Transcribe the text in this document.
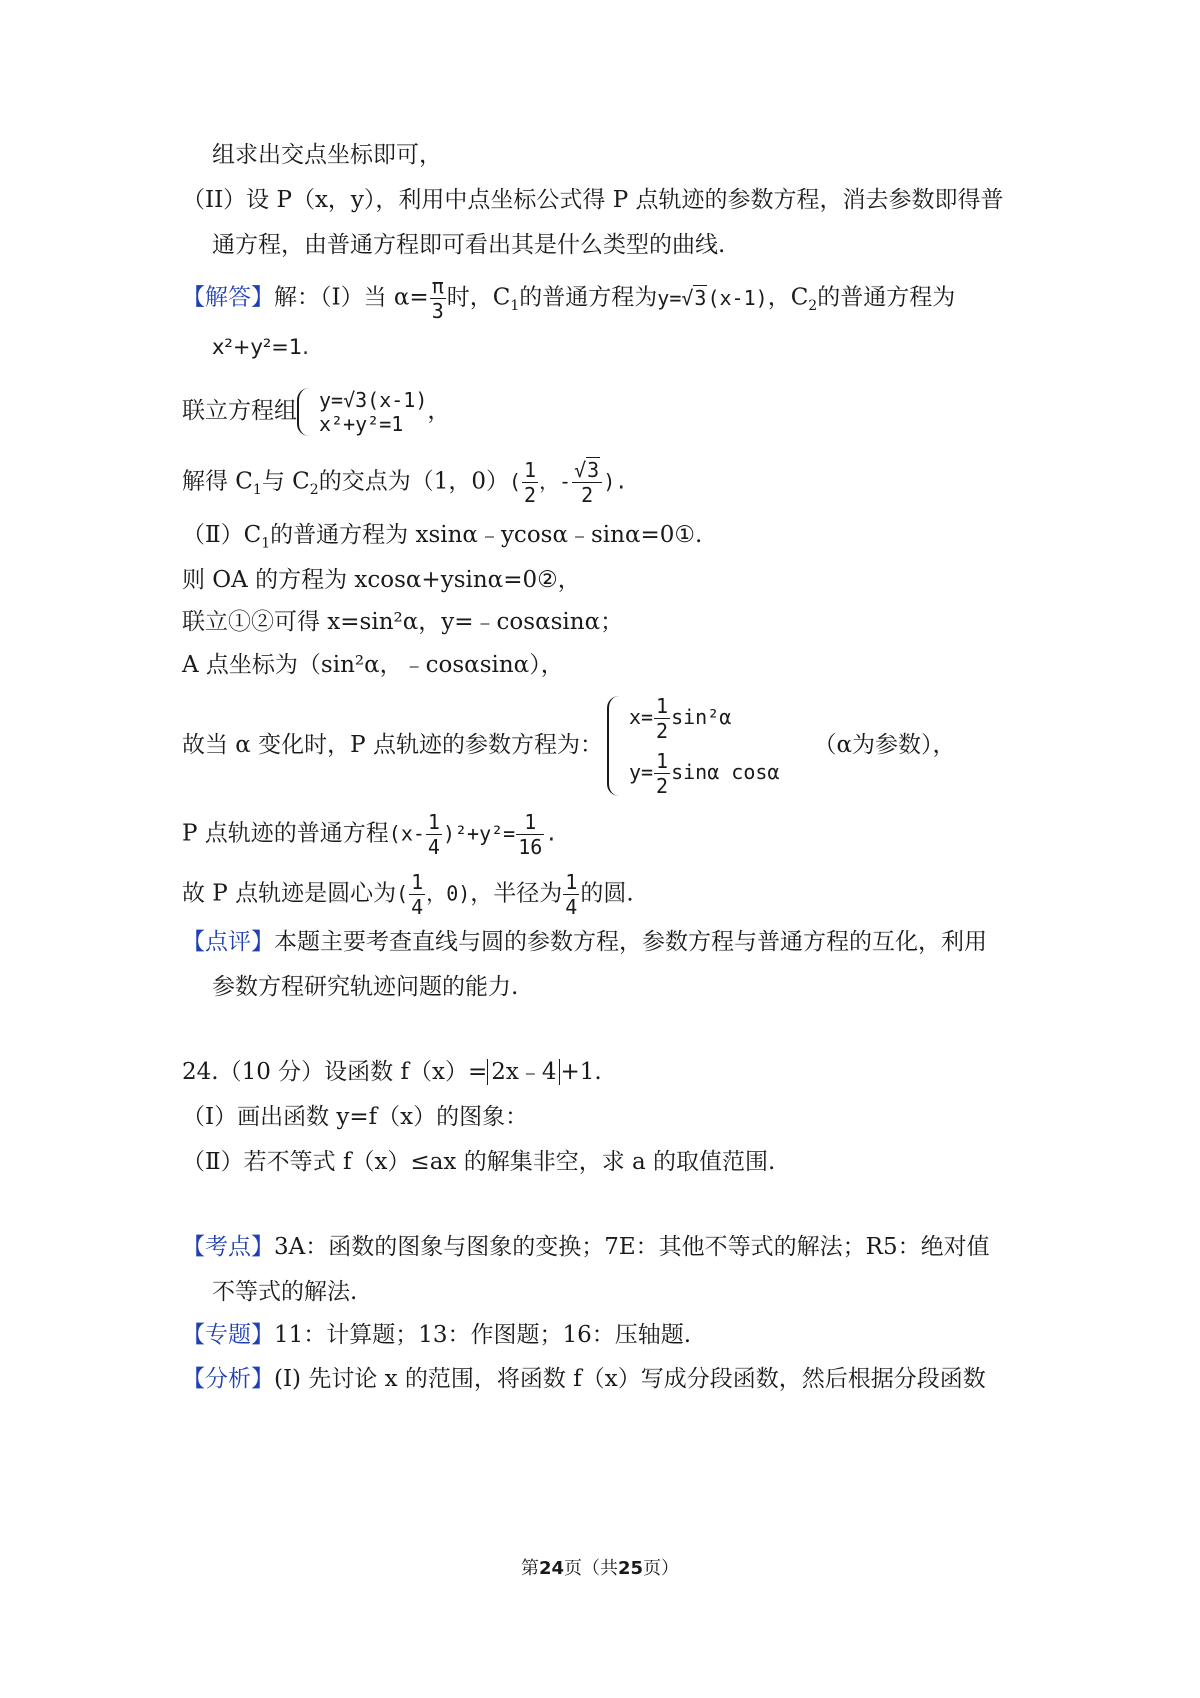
组求出交点坐标即可，
（II）设 P（x，y），利用中点坐标公式得 P 点轨迹的参数方程，消去参数即得普
通方程，由普通方程即可看出其是什么类型的曲线.
【解答】解：（Ⅰ）当 $\alpha= \frac{\pi}{3}$ 时，$C_1$的普通方程为y=√3(x-1)，$C_2$的普通方程为
x²+y²=1.
联立方程组 y=√3(x-1)
x²+y²=1	，
解得 $C_1$与 $C_2$的交点为（1，$0)( \frac{1}{2}$ ，- $\frac{√3}{2}$ ).
$(Ⅱ)C_1$的普通方程为 xsinα﹣ycosα﹣sinα=0①.
则 OA 的方程为 xcosα+ysinα=0②，
联立①②可得 x=sin²α，y=﹣cosαsinα；
A 点坐标为（sin²α，﹣cosαsinα），
故当 α 变化时，P 点轨迹的参数方程为：
$x= \frac{1}{2} \sin^2\alpha$
$y= \frac{1}{2}$ sinα cosα
（α为参数），
P 点轨迹的普通方程$(x- \frac{1}{4} )^2+y^2= \frac{1}{16}$ .
故 P 点轨迹是圆心为( $\frac{1}{4}$ ，0)，半径为 $\frac{1}{4}$ 的圆.
【点评】本题主要考查直线与圆的参数方程，参数方程与普通方程的互化，利用
参数方程研究轨迹问题的能力.
24.（10 分）设函数 f（x）= 2x﹣4 +1.
（Ⅰ）画出函数 y=f（x）的图象：
（Ⅱ）若不等式 f（x）≤ax 的解集非空，求 a 的取值范围.
【考点】3A：函数的图象与图象的变换；7E：其他不等式的解法；R5：绝对值
不等式的解法.
【专题】11：计算题；13：作图题；16：压轴题.
【分析】(I) 先讨论 x 的范围，将函数 f（x）写成分段函数，然后根据分段函数
第24页（共25页）
